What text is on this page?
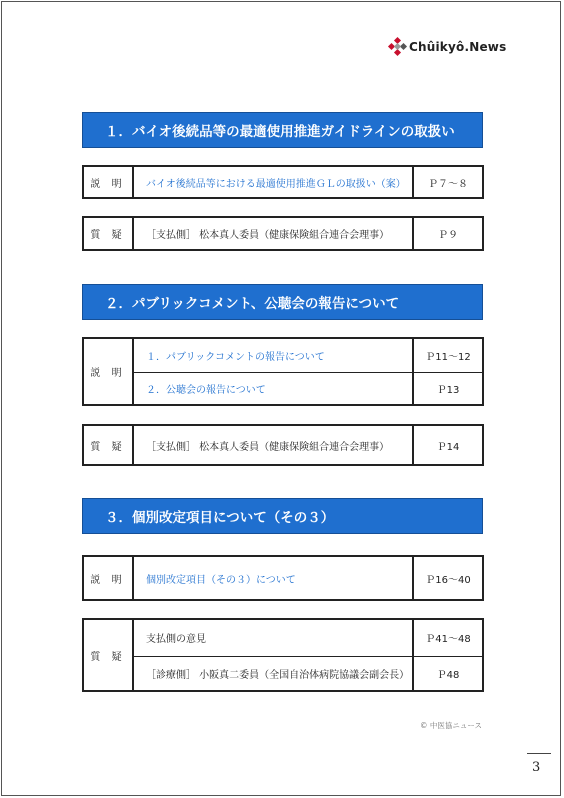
Chûikyô.News
１．バイオ後続品等の最適使用推進ガイドラインの取扱い
説 明	バイオ後続品等における最適使用推進ＧＬの取扱い（案）	Ｐ７～８
質 疑	［支払側］ 松本真人委員（健康保険組合連合会理事）	Ｐ９
２．パブリックコメント、公聴会の報告について
説 明	１．パブリックコメントの報告について	Ｐ11～12
	２．公聴会の報告について	Ｐ13
質 疑	［支払側］ 松本真人委員（健康保険組合連合会理事）	Ｐ14
３．個別改定項目について（その３）
説 明	個別改定項目（その３）について	Ｐ16～40
質 疑	支払側の意見	Ｐ41～48
	［診療側］ 小阪真二委員（全国自治体病院協議会副会長）	Ｐ48
© 中医協ニュース
3
